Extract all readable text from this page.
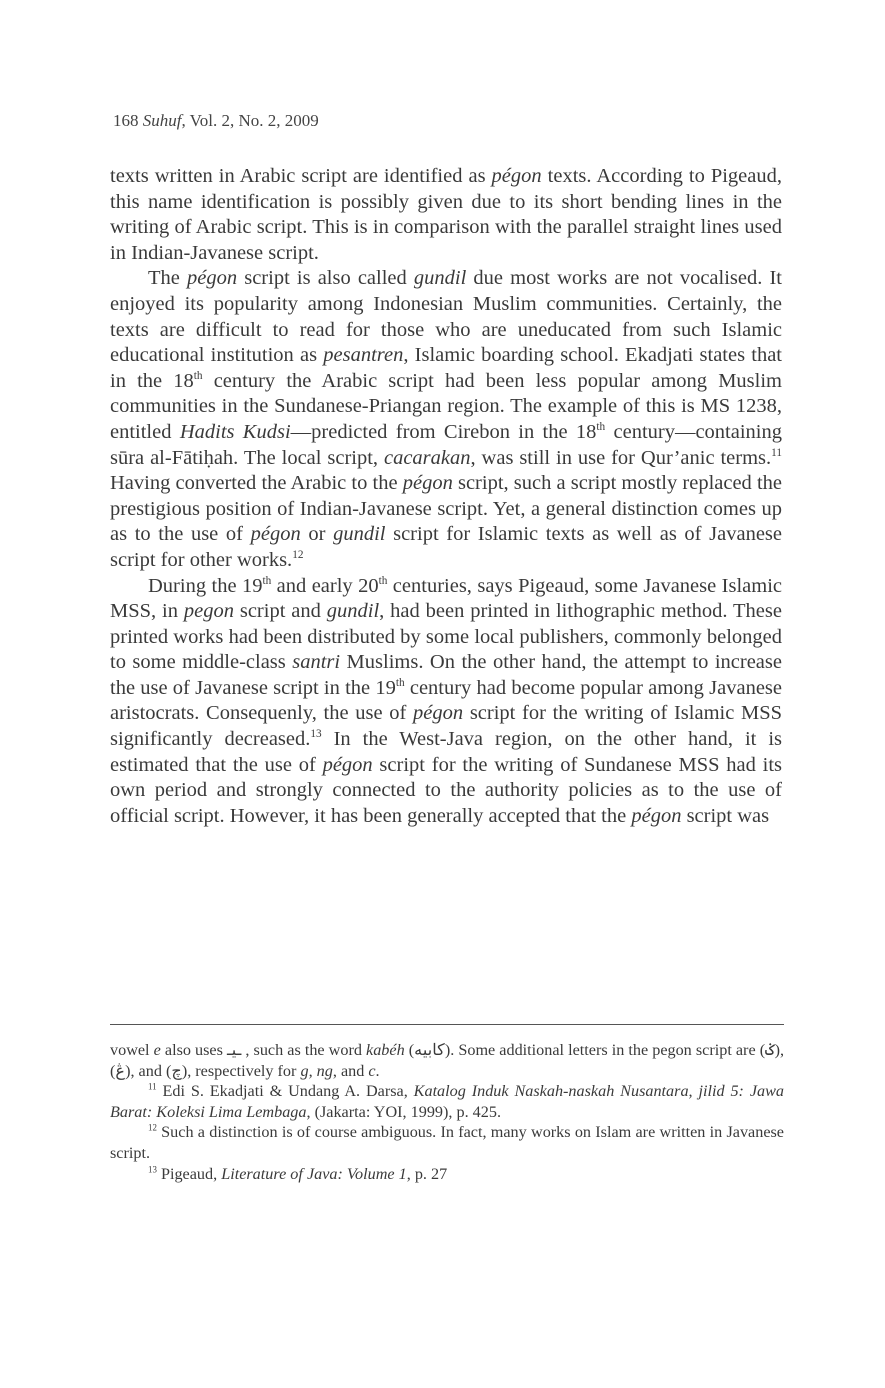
168 Suhuf, Vol. 2, No. 2, 2009

texts written in Arabic script are identified as pégon texts. According to Pigeaud, this name identification is possibly given due to its short bending lines in the writing of Arabic script. This is in comparison with the parallel straight lines used in Indian-Javanese script.

The pégon script is also called gundil due most works are not vocalised. It enjoyed its popularity among Indonesian Muslim communities. Certainly, the texts are difficult to read for those who are uneducated from such Islamic educational institution as pesantren, Islamic boarding school. Ekadjati states that in the 18th century the Arabic script had been less popular among Muslim communities in the Sundanese-Priangan region. The example of this is MS 1238, entitled Hadits Kudsi—predicted from Cirebon in the 18th century—containing sūra al-Fātiḥah. The local script, cacarakan, was still in use for Qur’anic terms.$^{11}$ Having converted the Arabic to the pégon script, such a script mostly replaced the prestigious position of Indian-Javanese script. Yet, a general distinction comes up as to the use of pégon or gundil script for Islamic texts as well as of Javanese script for other works.$^{12}$

During the 19th and early 20th centuries, says Pigeaud, some Javanese Islamic MSS, in pegon script and gundil, had been printed in lithographic method. These printed works had been distributed by some local publishers, commonly belonged to some middle-class santri Muslims. On the other hand, the attempt to increase the use of Javanese script in the 19th century had become popular among Javanese aristocrats. Consequenly, the use of pégon script for the writing of Islamic MSS significantly decreased.$^{13}$ In the West-Java region, on the other hand, it is estimated that the use of pégon script for the writing of Sundanese MSS had its own period and strongly connected to the authority policies as to the use of official script. However, it has been generally accepted that the pégon script was

vowel e also uses ـيـ , such as the word kabéh (کابيه). Some additional letters in the pegon script are (ݢ), (ڠ), and (چ), respectively for g, ng, and c.

$^{11}$ Edi S. Ekadjati & Undang A. Darsa, Katalog Induk Naskah-naskah Nusantara, jilid 5: Jawa Barat: Koleksi Lima Lembaga, (Jakarta: YOI, 1999), p. 425.

$^{12}$ Such a distinction is of course ambiguous. In fact, many works on Islam are written in Javanese script.

$^{13}$ Pigeaud, Literature of Java: Volume 1, p. 27
